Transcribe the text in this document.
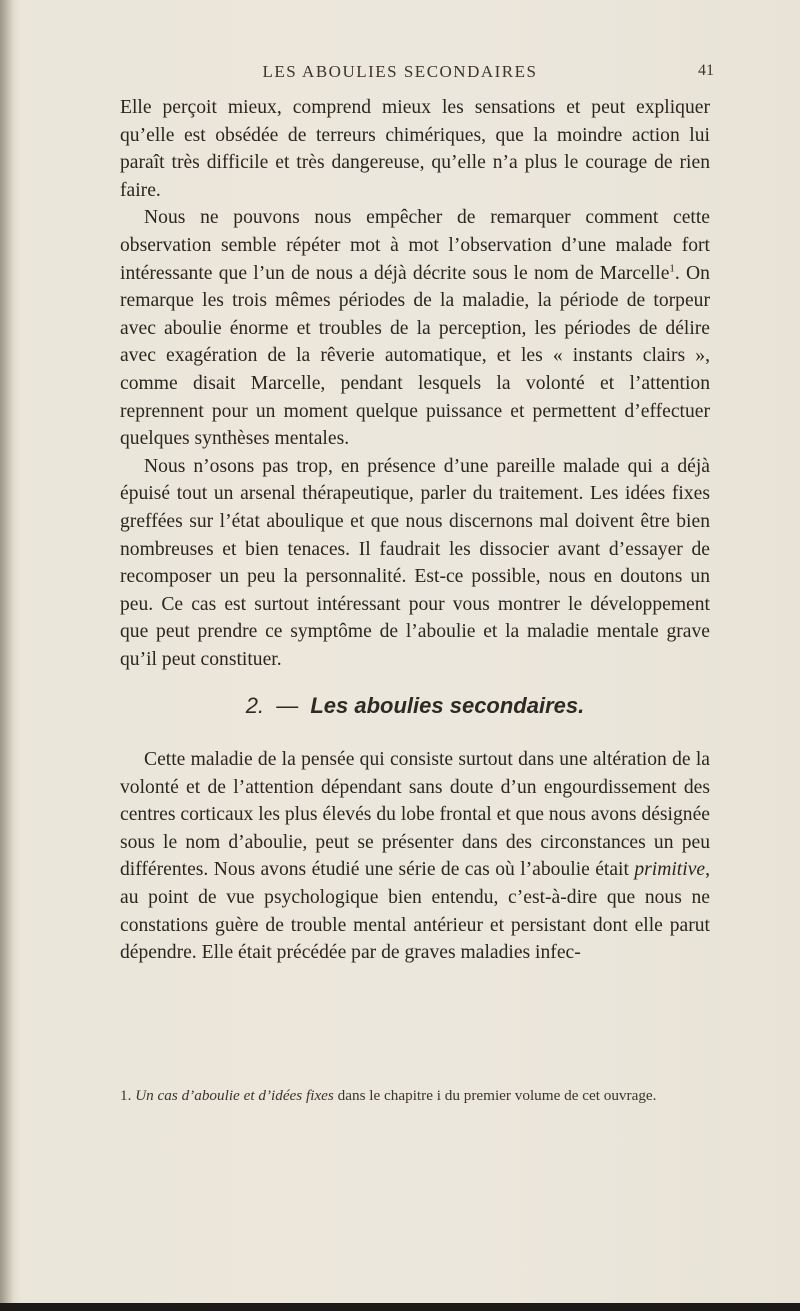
LES ABOULIES SECONDAIRES	41

Elle perçoit mieux, comprend mieux les sensations et peut expliquer qu’elle est obsédée de terreurs chimériques, que la moindre action lui paraît très difficile et très dangereuse, qu’elle n’a plus le courage de rien faire.

Nous ne pouvons nous empêcher de remarquer comment cette observation semble répéter mot à mot l’observation d’une malade fort intéressante que l’un de nous a déjà décrite sous le nom de Marcelle$^1$. On remarque les trois mêmes périodes de la maladie, la période de torpeur avec aboulie énorme et troubles de la perception, les périodes de délire avec exagération de la rêverie automatique, et les « instants clairs », comme disait Marcelle, pendant lesquels la volonté et l’attention reprennent pour un moment quelque puissance et permettent d’effectuer quelques synthèses mentales.

Nous n’osons pas trop, en présence d’une pareille malade qui a déjà épuisé tout un arsenal thérapeutique, parler du traitement. Les idées fixes greffées sur l’état aboulique et que nous discernons mal doivent être bien nombreuses et bien tenaces. Il faudrait les dissocier avant d’essayer de recomposer un peu la personnalité. Est-ce possible, nous en doutons un peu. Ce cas est surtout intéressant pour vous montrer le développement que peut prendre ce symptôme de l’aboulie et la maladie mentale grave qu’il peut constituer.

2. — Les aboulies secondaires.

Cette maladie de la pensée qui consiste surtout dans une altération de la volonté et de l’attention dépendant sans doute d’un engourdissement des centres corticaux les plus élevés du lobe frontal et que nous avons désignée sous le nom d’aboulie, peut se présenter dans des circonstances un peu différentes. Nous avons étudié une série de cas où l’aboulie était primitive, au point de vue psychologique bien entendu, c’est-à-dire que nous ne constations guère de trouble mental antérieur et persistant dont elle parut dépendre. Elle était précédée par de graves maladies infec-

1. Un cas d’aboulie et d’idées fixes dans le chapitre i du premier volume de cet ouvrage.
